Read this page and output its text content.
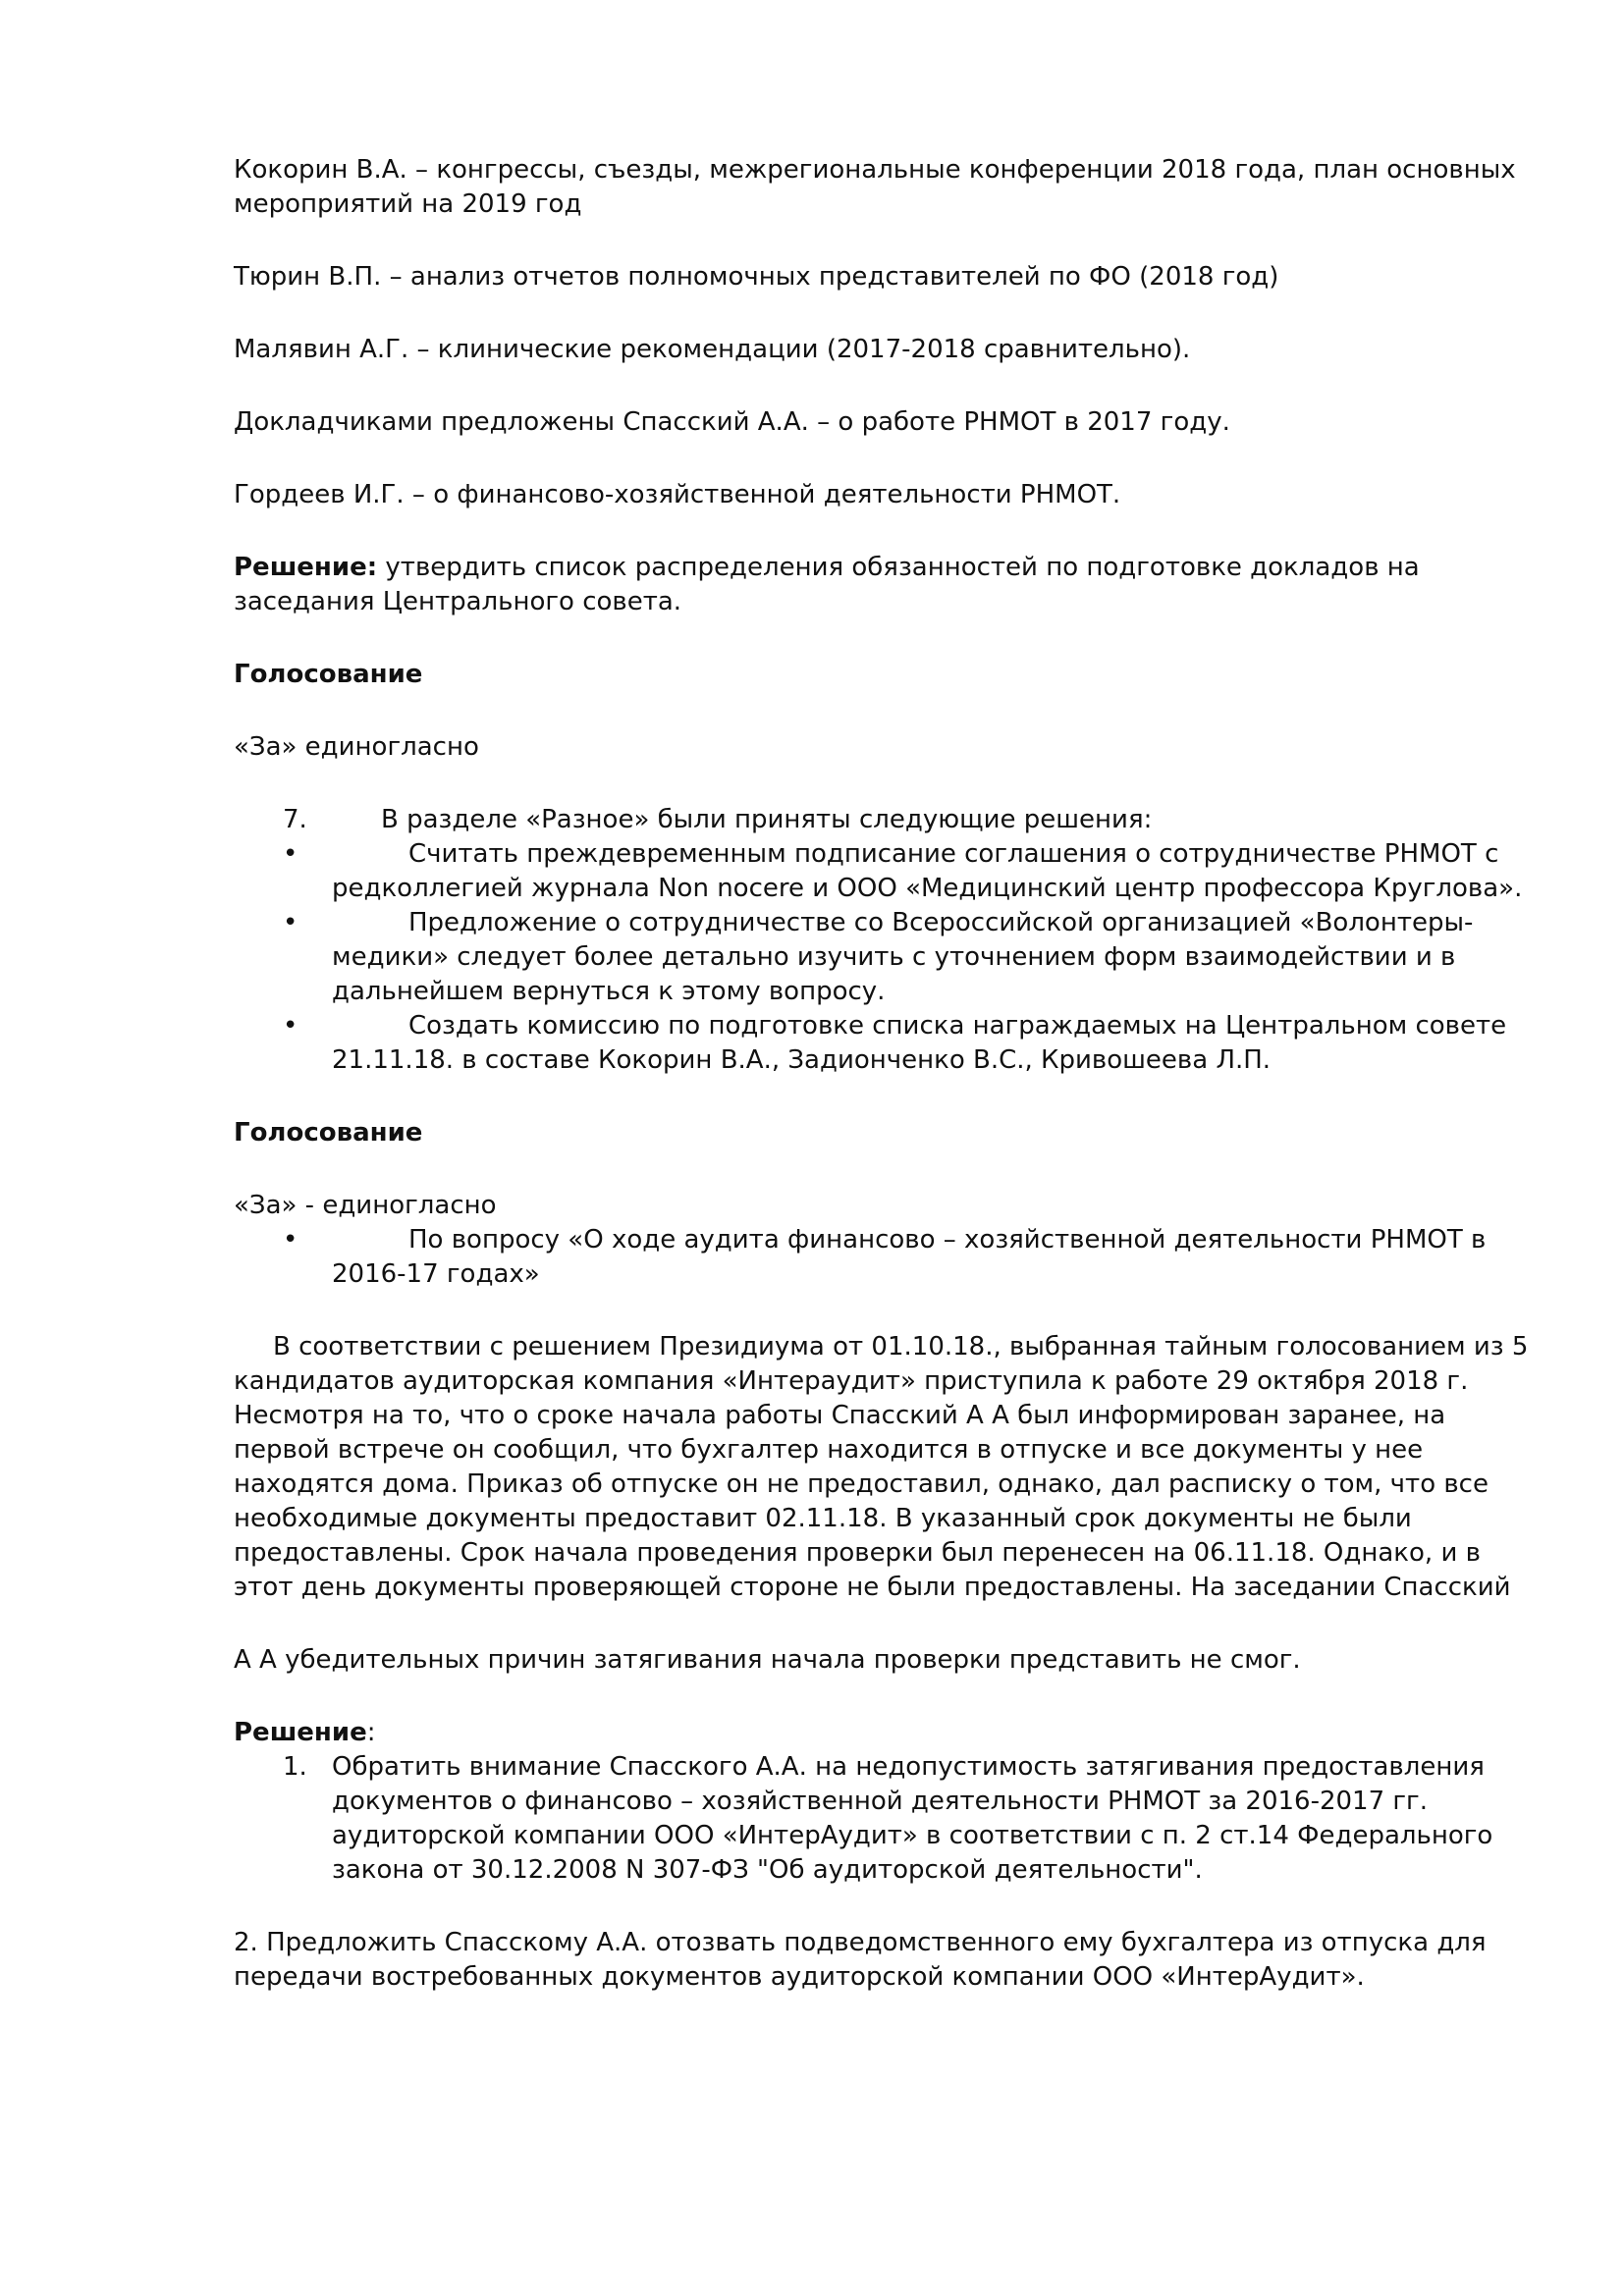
Кокорин В.А. – конгрессы, съезды, межрегиональные конференции 2018 года, план основных мероприятий на 2019 год

Тюрин В.П. – анализ отчетов полномочных представителей по ФО (2018 год)

Малявин А.Г. – клинические рекомендации (2017-2018 сравнительно).

Докладчиками предложены Спасский А.А. – о работе РНМОТ в 2017 году.

Гордеев И.Г. – о финансово-хозяйственной деятельности РНМОТ.

Решение: утвердить список распределения обязанностей по подготовке докладов на заседания Центрального совета.

Голосование

«За» единогласно

7.	В разделе «Разное» были приняты следующие решения:

•	Считать преждевременным подписание соглашения о сотрудничестве РНМОТ с редколлегией журнала Non nocere и ООО «Медицинский центр профессора Круглова».
•	Предложение о сотрудничестве со Всероссийской организацией «Волонтеры-медики» следует более детально изучить с уточнением форм взаимодействии и в дальнейшем вернуться к этому вопросу.
•	Создать комиссию по подготовке списка награждаемых на Центральном совете 21.11.18. в составе Кокорин В.А., Задионченко В.С., Кривошеева Л.П.

Голосование

«За» - единогласно

•	По вопросу «О ходе аудита финансово – хозяйственной деятельности РНМОТ в 2016-17 годах»

В соответствии с решением Президиума от 01.10.18., выбранная тайным голосованием из 5 кандидатов аудиторская компания «Интераудит» приступила к работе 29 октября 2018 г. Несмотря на то, что о сроке начала работы Спасский А А был информирован заранее, на первой встрече он сообщил, что бухгалтер находится в отпуске и все документы у нее находятся дома. Приказ об отпуске он не предоставил, однако, дал расписку о том, что все необходимые документы предоставит 02.11.18. В указанный срок документы не были предоставлены. Срок начала проведения проверки был перенесен на 06.11.18. Однако, и в этот день документы проверяющей стороне не были предоставлены. На заседании Спасский

А А убедительных причин затягивания начала проверки представить не смог.

Решение:

1. Обратить внимание Спасского А.А. на недопустимость затягивания предоставления документов о финансово – хозяйственной деятельности РНМОТ за 2016-2017 гг. аудиторской компании ООО «ИнтерАудит» в соответствии с п. 2 ст.14 Федерального закона от 30.12.2008 N 307-ФЗ "Об аудиторской деятельности".

2. Предложить Спасскому А.А. отозвать подведомственного ему бухгалтера из отпуска для передачи востребованных документов аудиторской компании ООО «ИнтерАудит».
